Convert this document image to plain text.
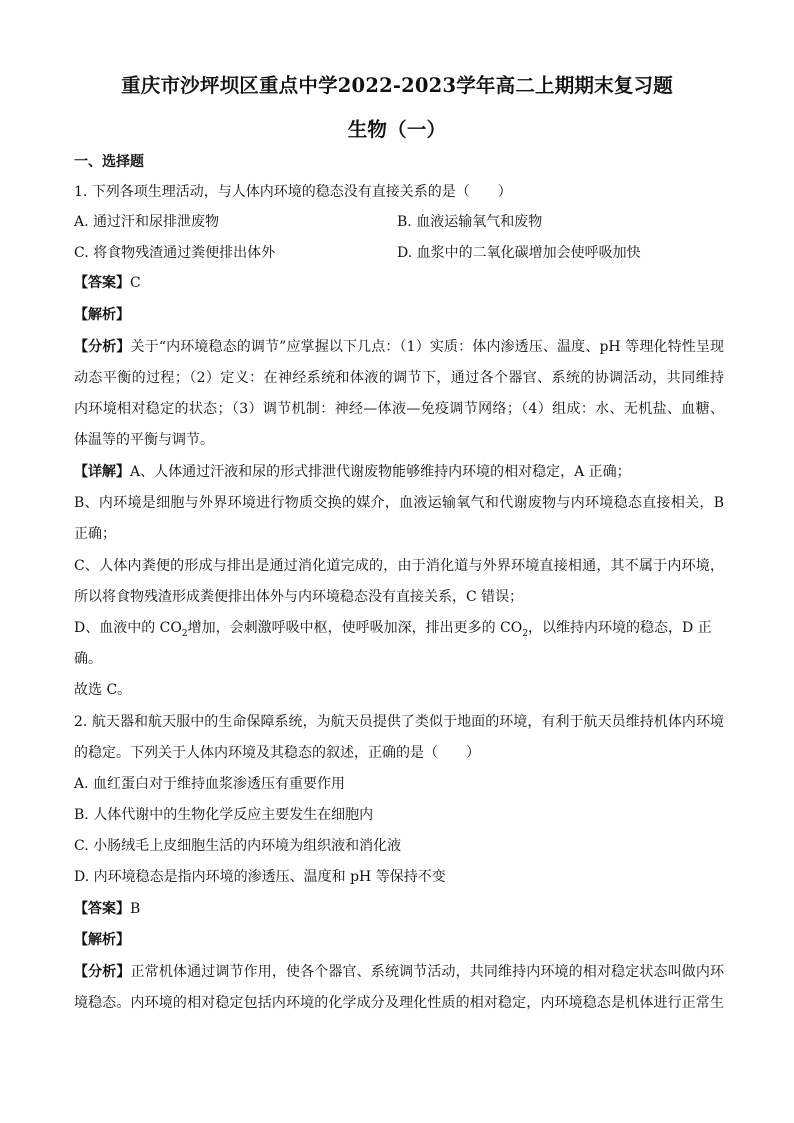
重庆市沙坪坝区重点中学2022-2023学年高二上期期末复习题
生物（一）
一、选择题
1. 下列各项生理活动，与人体内环境的稳态没有直接关系的是（　　）
A. 通过汗和尿排泄废物	B. 血液运输氧气和废物
C. 将食物残渣通过粪便排出体外	D. 血浆中的二氧化碳增加会使呼吸加快
【答案】C
【解析】
【分析】关于“内环境稳态的调节”应掌握以下几点：（1）实质：体内渗透压、温度、pH 等理化特性呈现
动态平衡的过程；（2）定义：在神经系统和体液的调节下，通过各个器官、系统的协调活动，共同维持
内环境相对稳定的状态；（3）调节机制：神经—体液—免疫调节网络；（4）组成：水、无机盐、血糖、
体温等的平衡与调节。
【详解】A、人体通过汗液和尿的形式排泄代谢废物能够维持内环境的相对稳定，A 正确；
B、内环境是细胞与外界环境进行物质交换的媒介，血液运输氧气和代谢废物与内环境稳态直接相关，B
正确；
C、人体内粪便的形成与排出是通过消化道完成的，由于消化道与外界环境直接相通，其不属于内环境，
所以将食物残渣形成粪便排出体外与内环境稳态没有直接关系，C 错误；
D、血液中的 $CO_2$增加，会刺激呼吸中枢，使呼吸加深，排出更多的 $CO_2$，以维持内环境的稳态，D 正
确。
故选 C。
2. 航天器和航天服中的生命保障系统，为航天员提供了类似于地面的环境，有利于航天员维持机体内环境
的稳定。下列关于人体内环境及其稳态的叙述，正确的是（　　）
A. 血红蛋白对于维持血浆渗透压有重要作用
B. 人体代谢中的生物化学反应主要发生在细胞内
C. 小肠绒毛上皮细胞生活的内环境为组织液和消化液
D. 内环境稳态是指内环境的渗透压、温度和 pH 等保持不变
【答案】B
【解析】
【分析】正常机体通过调节作用，使各个器官、系统调节活动，共同维持内环境的相对稳定状态叫做内环
境稳态。内环境的相对稳定包括内环境的化学成分及理化性质的相对稳定，内环境稳态是机体进行正常生
